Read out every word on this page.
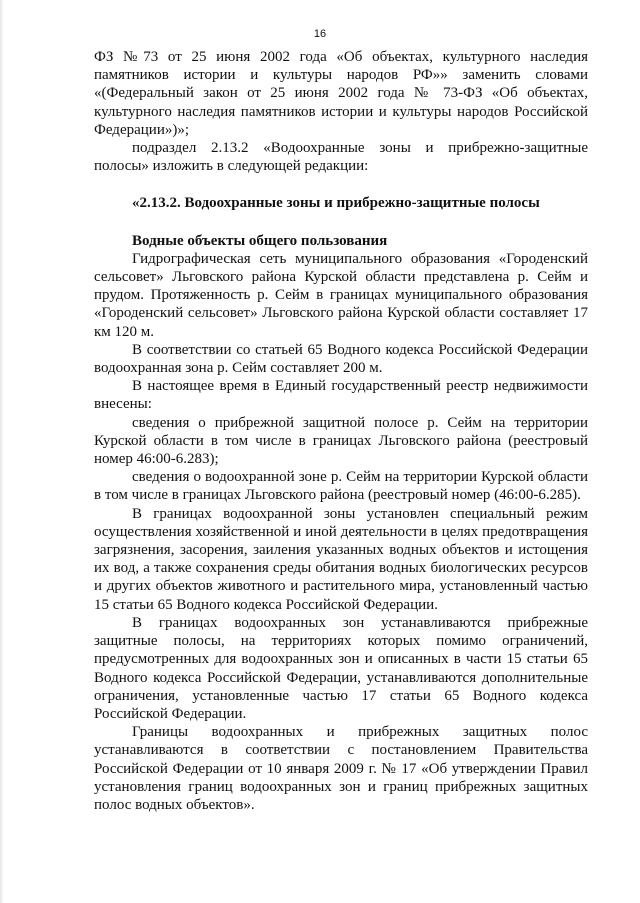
16

ФЗ №73 от 25 июня 2002 года «Об объектах, культурного наследия памятников истории и культуры народов РФ»» заменить словами «(Федеральный закон от 25 июня 2002 года № 73-ФЗ «Об объектах, культурного наследия памятников истории и культуры народов Российской Федерации»)»;

подраздел 2.13.2 «Водоохранные зоны и прибрежно-защитные полосы» изложить в следующей редакции:

«2.13.2. Водоохранные зоны и прибрежно-защитные полосы

Водные объекты общего пользования

Гидрографическая сеть муниципального образования «Городенский сельсовет» Льговского района Курской области представлена р. Сейм и прудом. Протяженность р. Сейм в границах муниципального образования «Городенский сельсовет» Льговского района Курской области составляет 17 км 120 м.

В соответствии со статьей 65 Водного кодекса Российской Федерации водоохранная зона р. Сейм составляет 200 м.

В настоящее время в Единый государственный реестр недвижимости внесены:

сведения о прибрежной защитной полосе р. Сейм на территории Курской области в том числе в границах Льговского района (реестровый номер 46:00-6.283);

сведения о водоохранной зоне р. Сейм на территории Курской области в том числе в границах Льговского района (реестровый номер (46:00-6.285).

В границах водоохранной зоны установлен специальный режим осуществления хозяйственной и иной деятельности в целях предотвращения загрязнения, засорения, заиления указанных водных объектов и истощения их вод, а также сохранения среды обитания водных биологических ресурсов и других объектов животного и растительного мира, установленный частью 15 статьи 65 Водного кодекса Российской Федерации.

В границах водоохранных зон устанавливаются прибрежные защитные полосы, на территориях которых помимо ограничений, предусмотренных для водоохранных зон и описанных в части 15 статьи 65 Водного кодекса Российской Федерации, устанавливаются дополнительные ограничения, установленные частью 17 статьи 65 Водного кодекса Российской Федерации.

Границы водоохранных и прибрежных защитных полос устанавливаются в соответствии с постановлением Правительства Российской Федерации от 10 января 2009 г. № 17 «Об утверждении Правил установления границ водоохранных зон и границ прибрежных защитных полос водных объектов».
